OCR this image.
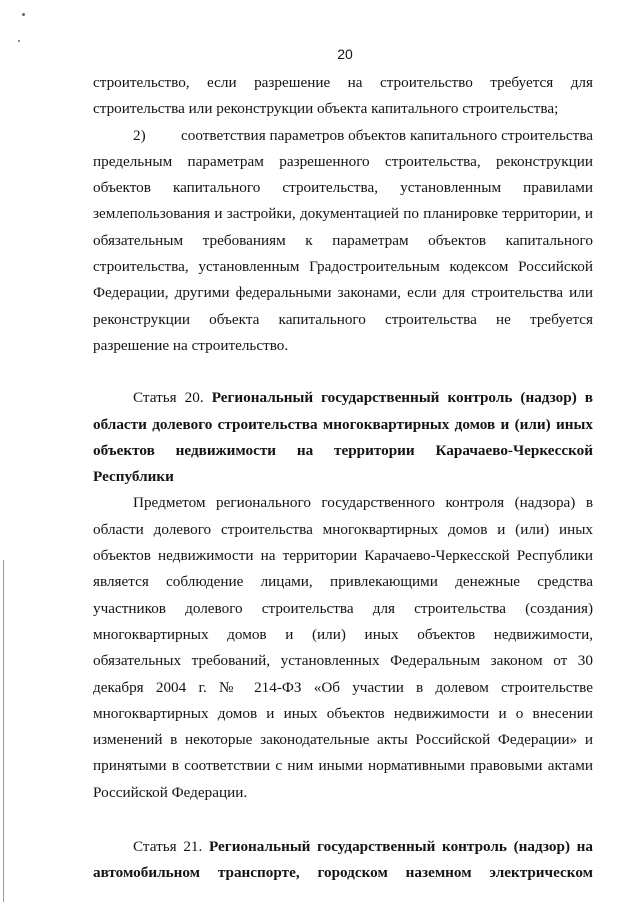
20

строительство, если разрешение на строительство требуется для строительства или реконструкции объекта капитального строительства;

2) соответствия параметров объектов капитального строительства предельным параметрам разрешенного строительства, реконструкции объектов капитального строительства, установленным правилами землепользования и застройки, документацией по планировке территории, и обязательным требованиям к параметрам объектов капитального строительства, установленным Градостроительным кодексом Российской Федерации, другими федеральными законами, если для строительства или реконструкции объекта капитального строительства не требуется разрешение на строительство.

Статья 20. Региональный государственный контроль (надзор) в области долевого строительства многоквартирных домов и (или) иных объектов недвижимости на территории Карачаево-Черкесской Республики

Предметом регионального государственного контроля (надзора) в области долевого строительства многоквартирных домов и (или) иных объектов недвижимости на территории Карачаево-Черкесской Республики является соблюдение лицами, привлекающими денежные средства участников долевого строительства для строительства (создания) многоквартирных домов и (или) иных объектов недвижимости, обязательных требований, установленных Федеральным законом от 30 декабря 2004 г. № 214-ФЗ «Об участии в долевом строительстве многоквартирных домов и иных объектов недвижимости и о внесении изменений в некоторые законодательные акты Российской Федерации» и принятыми в соответствии с ним иными нормативными правовыми актами Российской Федерации.

Статья 21. Региональный государственный контроль (надзор) на автомобильном транспорте, городском наземном электрическом
